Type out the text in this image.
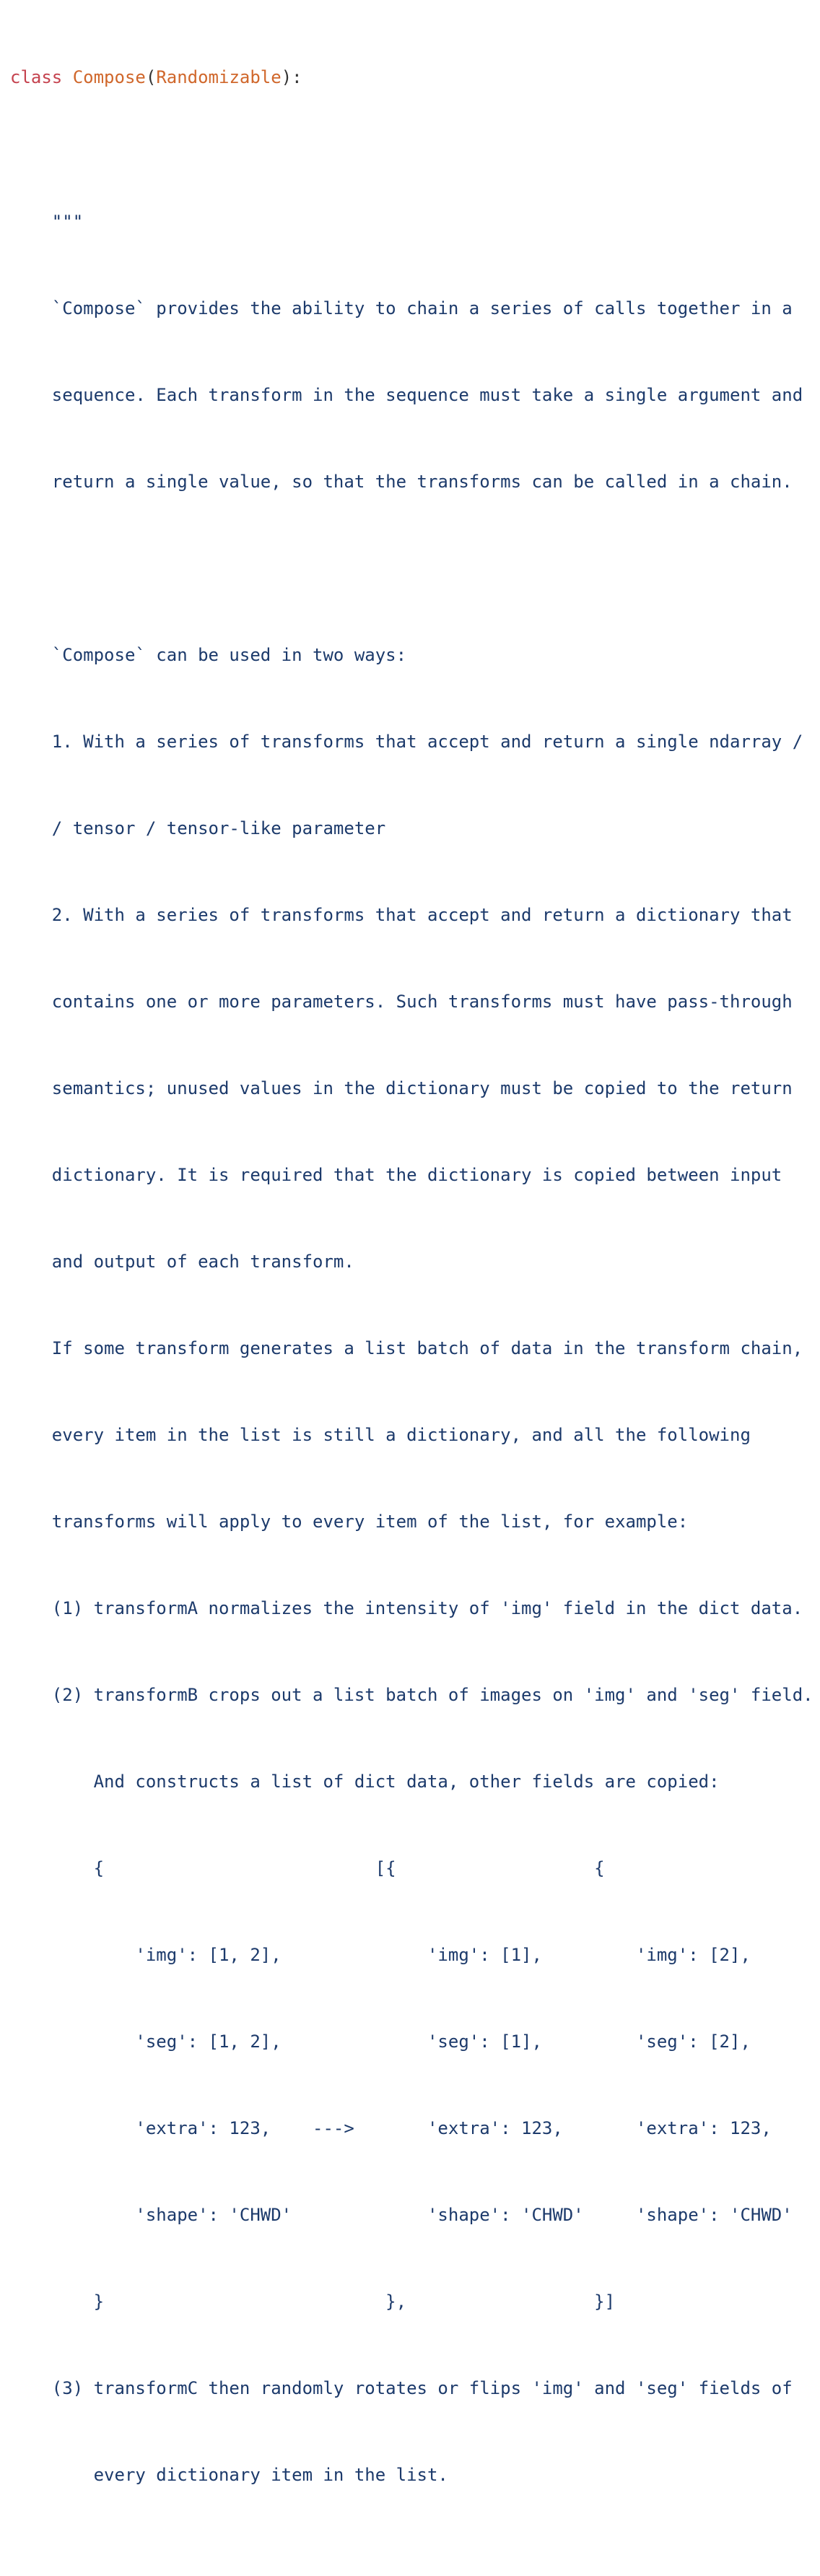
class Compose(Randomizable):

"""

`Compose` provides the ability to chain a series of calls together in a

sequence. Each transform in the sequence must take a single argument and

return a single value, so that the transforms can be called in a chain.

`Compose` can be used in two ways:

1. With a series of transforms that accept and return a single ndarray /

/ tensor / tensor-like parameter

2. With a series of transforms that accept and return a dictionary that

contains one or more parameters. Such transforms must have pass-through

semantics; unused values in the dictionary must be copied to the return

dictionary. It is required that the dictionary is copied between input

and output of each transform.

If some transform generates a list batch of data in the transform chain,

every item in the list is still a dictionary, and all the following

transforms will apply to every item of the list, for example:

(1) transformA normalizes the intensity of 'img' field in the dict data.

(2) transformB crops out a list batch of images on 'img' and 'seg' field.

And constructs a list of dict data, other fields are copied:

{                          [{                   {

'img': [1, 2],              'img': [1],         'img': [2],

'seg': [1, 2],              'seg': [1],         'seg': [2],

'extra': 123,    --->       'extra': 123,       'extra': 123,

'shape': 'CHWD'             'shape': 'CHWD'     'shape': 'CHWD'

}                           },                  }]

(3) transformC then randomly rotates or flips 'img' and 'seg' fields of

every dictionary item in the list.
